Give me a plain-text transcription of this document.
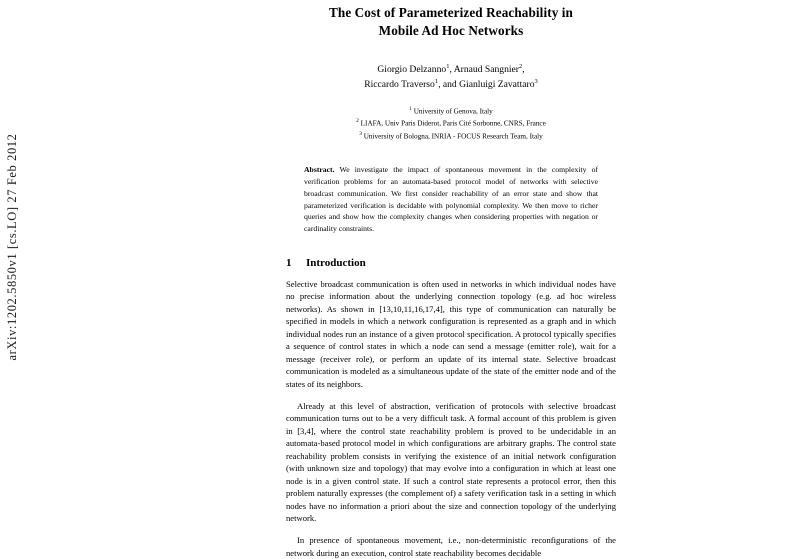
arXiv:1202.5850v1 [cs.LO] 27 Feb 2012
The Cost of Parameterized Reachability in
Mobile Ad Hoc Networks
Giorgio Delzanno$^1$, Arnaud Sangnier$^2$,
Riccardo Traverso$^1$, and Gianluigi Zavattaro$^3$
$^1$ University of Genova, Italy
$^2$ LIAFA, Univ Paris Diderot, Paris Cité Sorbonne, CNRS, France
$^3$ University of Bologna, INRIA - FOCUS Research Team, Italy
Abstract. We investigate the impact of spontaneous movement in the complexity of verification problems for an automata-based protocol model of networks with selective broadcast communication. We first consider reachability of an error state and show that parameterized verification is decidable with polynomial complexity. We then move to richer queries and show how the complexity changes when considering properties with negation or cardinality constraints.
1 Introduction

Selective broadcast communication is often used in networks in which individual nodes have no precise information about the underlying connection topology (e.g. ad hoc wireless networks). As shown in [13,10,11,16,17,4], this type of communication can naturally be specified in models in which a network configuration is represented as a graph and in which individual nodes run an instance of a given protocol specification. A protocol typically specifies a sequence of control states in which a node can send a message (emitter role), wait for a message (receiver role), or perform an update of its internal state. Selective broadcast communication is modeled as a simultaneous update of the state of the emitter node and of the states of its neighbors.

Already at this level of abstraction, verification of protocols with selective broadcast communication turns out to be a very difficult task. A formal account of this problem is given in [3,4], where the control state reachability problem is proved to be undecidable in an automata-based protocol model in which configurations are arbitrary graphs. The control state reachability problem consists in verifying the existence of an initial network configuration (with unknown size and topology) that may evolve into a configuration in which at least one node is in a given control state. If such a control state represents a protocol error, then this problem naturally expresses (the complement of) a safety verification task in a setting in which nodes have no information a priori about the size and connection topology of the underlying network.

In presence of spontaneous movement, i.e., non-deterministic reconfigurations of the network during an execution, control state reachability becomes decidable
